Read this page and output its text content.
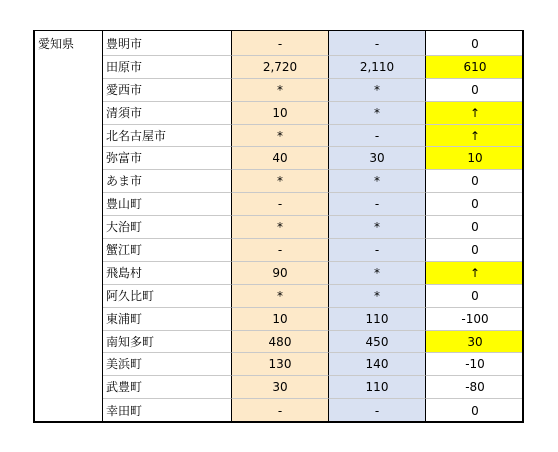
愛知県	豊明市	-	-	0
田原市	2,720	2,110	610
愛西市	*	*	0
清須市	10	*	↑
北名古屋市	*	-	↑
弥富市	40	30	10
あま市	*	*	0
豊山町	-	-	0
大治町	*	*	0
蟹江町	-	-	0
飛島村	90	*	↑
阿久比町	*	*	0
東浦町	10	110	-100
南知多町	480	450	30
美浜町	130	140	-10
武豊町	30	110	-80
幸田町	-	-	0
